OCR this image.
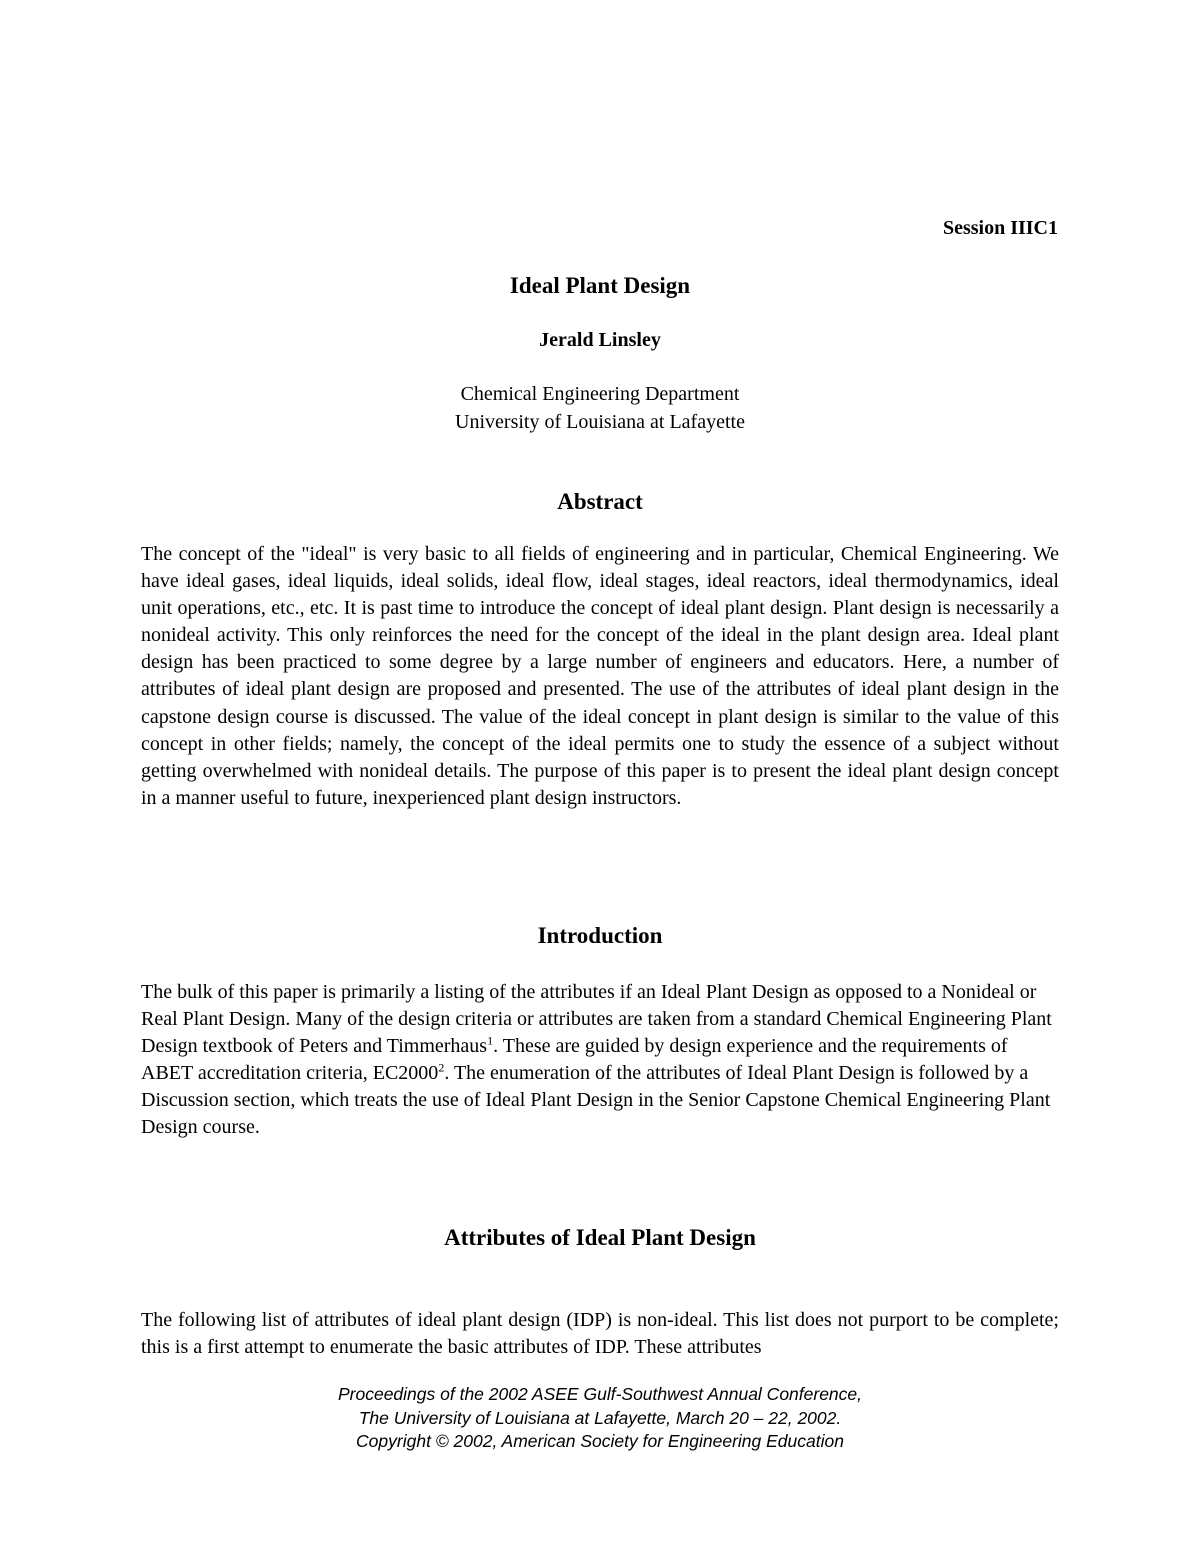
Session IIIC1
Ideal Plant Design
Jerald Linsley
Chemical Engineering Department
University of Louisiana at Lafayette
Abstract
The concept of the "ideal" is very basic to all fields of engineering and in particular, Chemical Engineering. We have ideal gases, ideal liquids, ideal solids, ideal flow, ideal stages, ideal reactors, ideal thermodynamics, ideal unit operations, etc., etc. It is past time to introduce the concept of ideal plant design. Plant design is necessarily a nonideal activity. This only reinforces the need for the concept of the ideal in the plant design area. Ideal plant design has been practiced to some degree by a large number of engineers and educators. Here, a number of attributes of ideal plant design are proposed and presented. The use of the attributes of ideal plant design in the capstone design course is discussed. The value of the ideal concept in plant design is similar to the value of this concept in other fields; namely, the concept of the ideal permits one to study the essence of a subject without getting overwhelmed with nonideal details. The purpose of this paper is to present the ideal plant design concept in a manner useful to future, inexperienced plant design instructors.
Introduction
The bulk of this paper is primarily a listing of the attributes if an Ideal Plant Design as opposed to a Nonideal or Real Plant Design. Many of the design criteria or attributes are taken from a standard Chemical Engineering Plant Design textbook of Peters and Timmerhaus$^1$. These are guided by design experience and the requirements of ABET accreditation criteria, EC2000$^2$. The enumeration of the attributes of Ideal Plant Design is followed by a Discussion section, which treats the use of Ideal Plant Design in the Senior Capstone Chemical Engineering Plant Design course.
Attributes of Ideal Plant Design
The following list of attributes of ideal plant design (IDP) is non-ideal. This list does not purport to be complete; this is a first attempt to enumerate the basic attributes of IDP. These attributes
Proceedings of the 2002 ASEE Gulf-Southwest Annual Conference,
The University of Louisiana at Lafayette, March 20 – 22, 2002.
Copyright © 2002, American Society for Engineering Education
